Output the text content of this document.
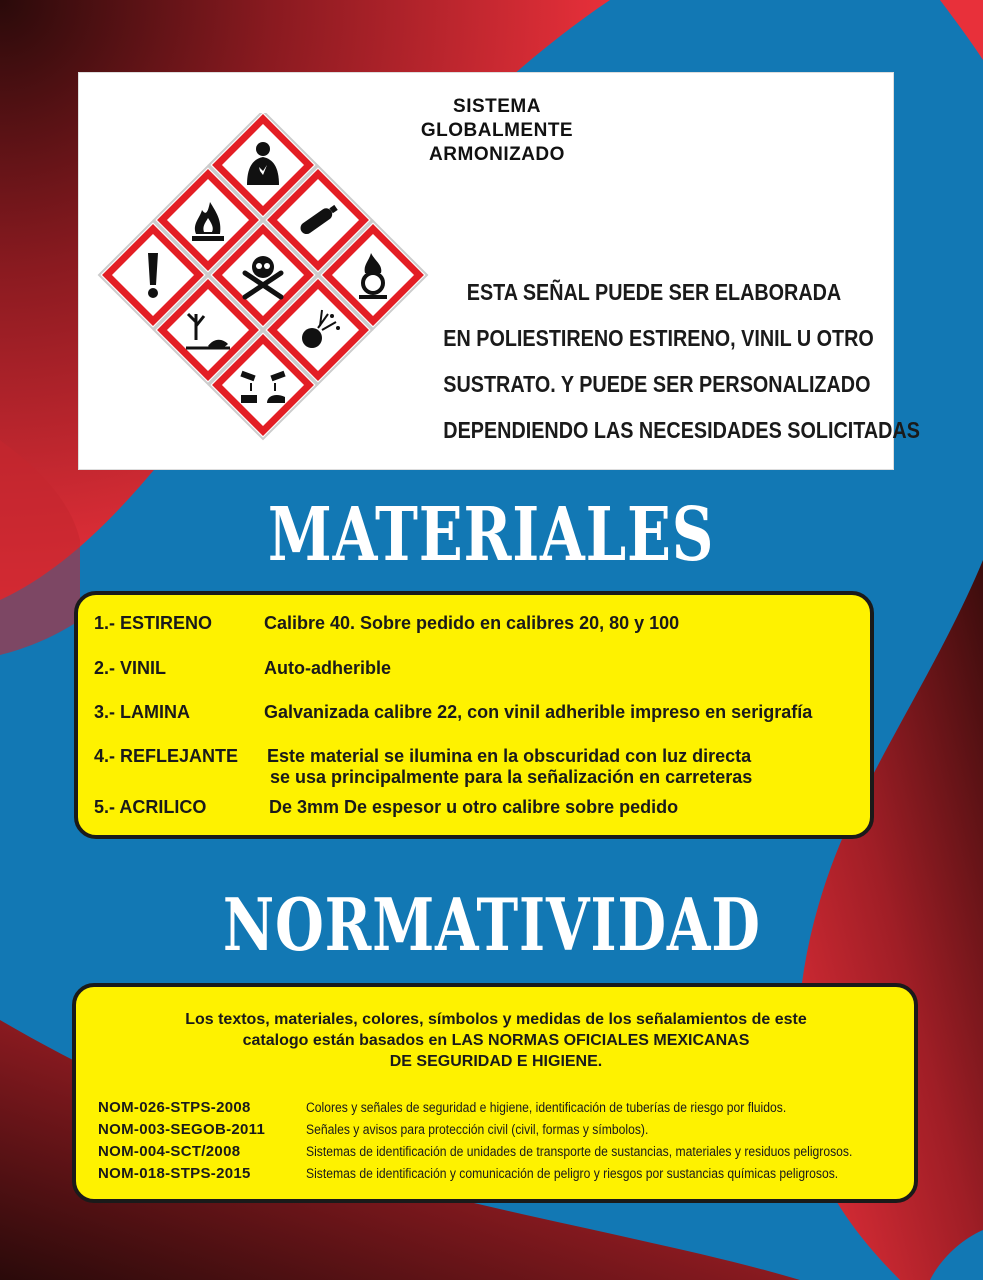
SISTEMA
GLOBALMENTE
ARMONIZADO
ESTA SEÑAL PUEDE SER ELABORADA
EN POLIESTIRENO ESTIRENO, VINIL U OTRO
SUSTRATO. Y PUEDE SER PERSONALIZADO
DEPENDIENDO LAS NECESIDADES SOLICITADAS
MATERIALES
1.- ESTIRENO	Calibre 40. Sobre pedido en calibres 20, 80 y 100
2.- VINIL	Auto-adherible
3.- LAMINA	Galvanizada calibre 22, con vinil adherible impreso en serigrafía
4.- REFLEJANTE Este material se ilumina en la obscuridad con luz directa
se usa principalmente para la señalización en carreteras
5.- ACRILICO	De 3mm De espesor u otro calibre sobre pedido
NORMATIVIDAD
Los textos, materiales, colores, símbolos y medidas de los señalamientos de este
catalogo están basados en LAS NORMAS OFICIALES MEXICANAS
DE SEGURIDAD E HIGIENE.
NOM-026-STPS-2008	Colores y señales de seguridad e higiene, identificación de tuberías de riesgo por fluidos.
NOM-003-SEGOB-2011	Señales y avisos para protección civil (civil, formas y símbolos).
NOM-004-SCT/2008	Sistemas de identificación de unidades de transporte de sustancias, materiales y residuos peligrosos.
NOM-018-STPS-2015	Sistemas de identificación y comunicación de peligro y riesgos por sustancias químicas peligrosos.
